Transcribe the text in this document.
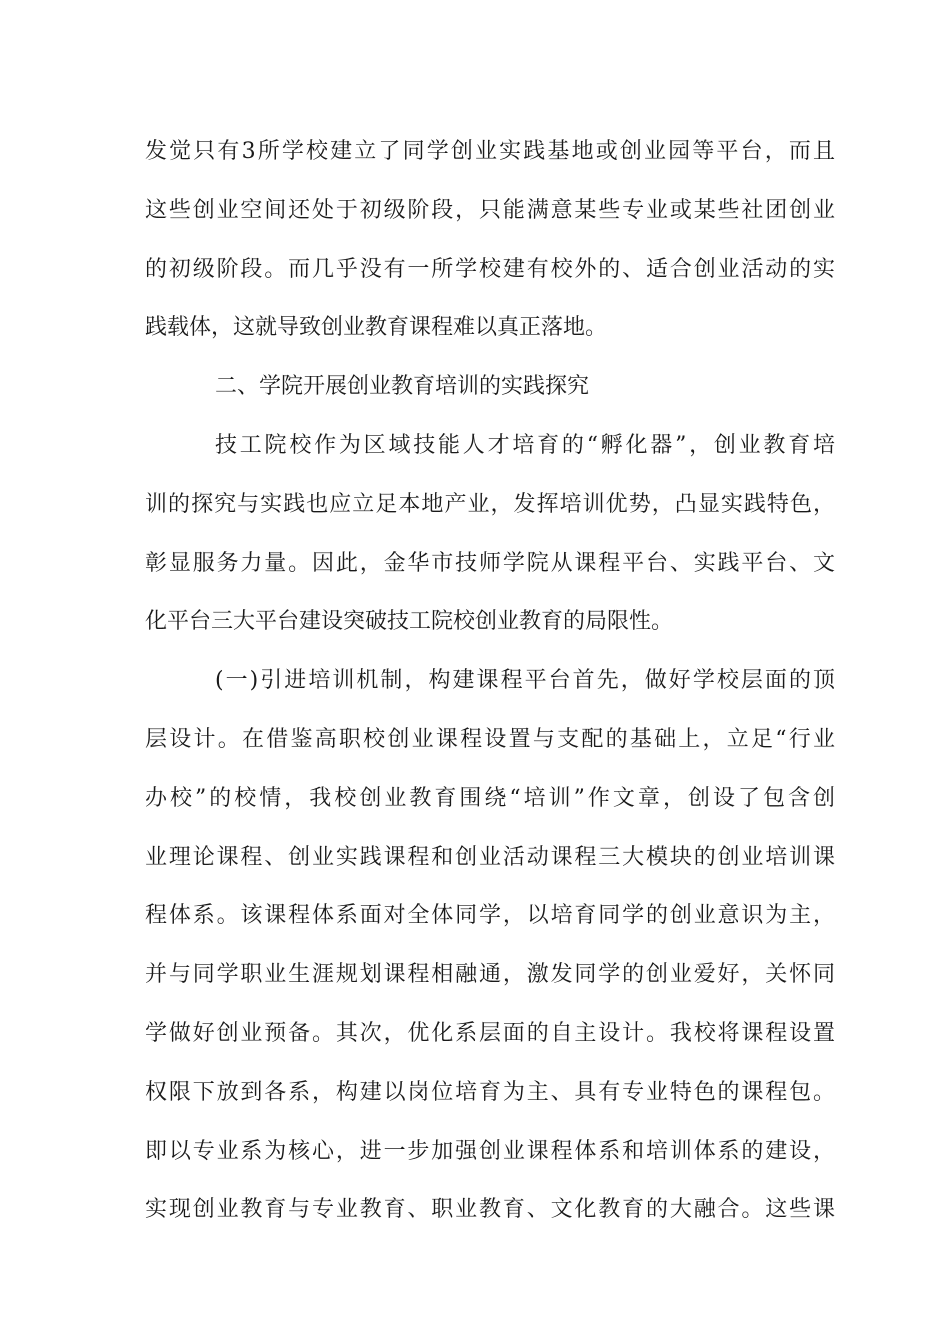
发觉只有3所学校建立了同学创业实践基地或创业园等平台，而且
这些创业空间还处于初级阶段，只能满意某些专业或某些社团创业
的初级阶段。而几乎没有一所学校建有校外的、适合创业活动的实
践载体，这就导致创业教育课程难以真正落地。
二、学院开展创业教育培训的实践探究
技工院校作为区域技能人才培育的“孵化器”，创业教育培
训的探究与实践也应立足本地产业，发挥培训优势，凸显实践特色，
彰显服务力量。因此，金华市技师学院从课程平台、实践平台、文
化平台三大平台建设突破技工院校创业教育的局限性。
(一)引进培训机制，构建课程平台首先，做好学校层面的顶
层设计。在借鉴高职校创业课程设置与支配的基础上，立足“行业
办校”的校情，我校创业教育围绕“培训”作文章，创设了包含创
业理论课程、创业实践课程和创业活动课程三大模块的创业培训课
程体系。该课程体系面对全体同学，以培育同学的创业意识为主，
并与同学职业生涯规划课程相融通，激发同学的创业爱好，关怀同
学做好创业预备。其次，优化系层面的自主设计。我校将课程设置
权限下放到各系，构建以岗位培育为主、具有专业特色的课程包。
即以专业系为核心，进一步加强创业课程体系和培训体系的建设，
实现创业教育与专业教育、职业教育、文化教育的大融合。这些课
